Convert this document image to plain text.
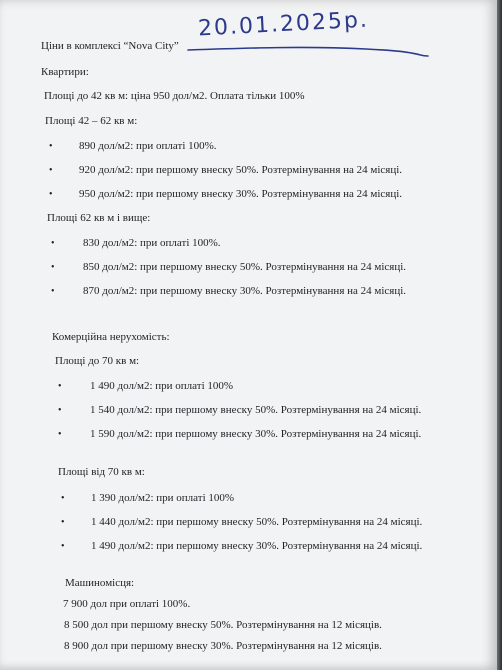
Ціни в комплексі “Nova City”
20.01.2025р.
Квартири:
Площі до 42 кв м: ціна 950 дол/м2. Оплата тільки 100%
Площі 42 – 62 кв м:
• 890 дол/м2: при оплаті 100%.
• 920 дол/м2: при першому внеску 50%. Розтермінування на 24 місяці.
• 950 дол/м2: при першому внеску 30%. Розтермінування на 24 місяці.
Площі 62 кв м і вище:
•	830 дол/м2: при оплаті 100%.
•	850 дол/м2: при першому внеску 50%. Розтермінування на 24 місяці.
•	870 дол/м2: при першому внеску 30%. Розтермінування на 24 місяці.
Комерційна нерухомість:
Площі до 70 кв м:
•	1 490 дол/м2: при оплаті 100%
•	1 540 дол/м2: при першому внеску 50%. Розтермінування на 24 місяці.
•	1 590 дол/м2: при першому внеску 30%. Розтермінування на 24 місяці.
Площі від 70 кв м:
• 1 390 дол/м2: при оплаті 100%
• 1 440 дол/м2: при першому внеску 50%. Розтермінування на 24 місяці.
• 1 490 дол/м2: при першому внеску 30%. Розтермінування на 24 місяці.
Машиномісця:
7 900 дол при оплаті 100%.
8 500 дол при першому внеску 50%. Розтермінування на 12 місяців.
8 900 дол при першому внеску 30%. Розтермінування на 12 місяців.
